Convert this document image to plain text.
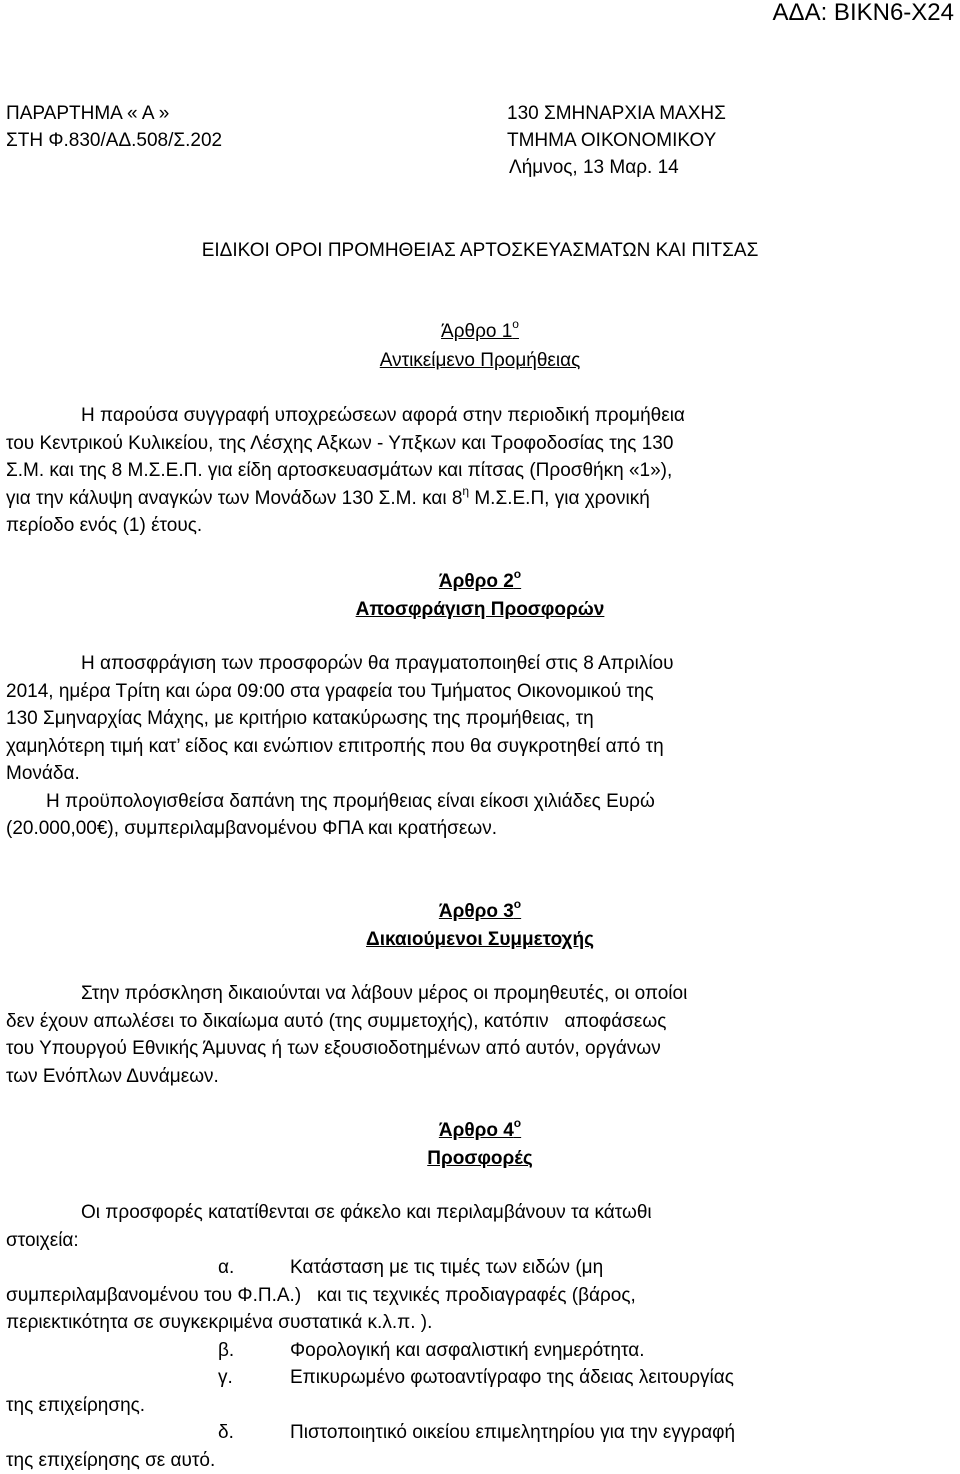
ΑΔΑ: ΒΙΚΝ6-Χ24
ΠΑΡΑΡΤΗΜΑ « Α »
ΣΤΗ Φ.830/ΑΔ.508/Σ.202
130 ΣΜΗΝΑΡΧΙΑ ΜΑΧΗΣ
ΤΜΗΜΑ ΟΙΚΟΝΟΜΙΚΟΥ
Λήμνος, 13 Μαρ. 14
ΕΙΔΙΚΟΙ ΟΡΟΙ ΠΡΟΜΗΘΕΙΑΣ ΑΡΤΟΣΚΕΥΑΣΜΑΤΩΝ ΚΑΙ ΠΙΤΣΑΣ
Άρθρο $1^o$
Αντικείμενο Προμήθειας
Η παρούσα συγγραφή υποχρεώσεων αφορά στην περιοδική προμήθεια
του Κεντρικού Κυλικείου, της Λέσχης Αξκων - Υπξκων και Τροφοδοσίας της 130
Σ.Μ. και της 8 Μ.Σ.Ε.Π. για είδη αρτοσκευασμάτων και πίτσας (Προσθήκη «1»),
για την κάλυψη αναγκών των Μονάδων 130 Σ.Μ. και $8^\eta$ Μ.Σ.Ε.Π, για χρονική
περίοδο ενός (1) έτους.
Άρθρο $2^o$
Αποσφράγιση Προσφορών
Η αποσφράγιση των προσφορών θα πραγματοποιηθεί στις 8 Απριλίου
2014, ημέρα Τρίτη και ώρα 09:00 στα γραφεία του Τμήματος Οικονομικού της
130 Σμηναρχίας Μάχης, με κριτήριο κατακύρωσης της προμήθειας, τη
χαμηλότερη τιμή κατ’ είδος και ενώπιον επιτροπής που θα συγκροτηθεί από τη
Μονάδα.
Η προϋπολογισθείσα δαπάνη της προμήθειας είναι είκοσι χιλιάδες Ευρώ
(20.000,00€), συμπεριλαμβανομένου ΦΠΑ και κρατήσεων.
Άρθρο $3^o$
Δικαιούμενοι Συμμετοχής
Στην πρόσκληση δικαιούνται να λάβουν μέρος οι προμηθευτές, οι οποίοι
δεν έχουν απωλέσει το δικαίωμα αυτό (της συμμετοχής), κατόπιν   αποφάσεως
του Υπουργού Εθνικής Άμυνας ή των εξουσιοδοτημένων από αυτόν, οργάνων
των Ενόπλων Δυνάμεων.
Άρθρο $4^o$
Προσφορές
Οι προσφορές κατατίθενται σε φάκελο και περιλαμβάνουν τα κάτωθι
στοιχεία:
α.	Κατάσταση με τις τιμές των ειδών (μη
συμπεριλαμβανομένου του Φ.Π.Α.)   και τις τεχνικές προδιαγραφές (βάρος,
περιεκτικότητα σε συγκεκριμένα συστατικά κ.λ.π. ).
β.	Φορολογική και ασφαλιστική ενημερότητα.
γ.	Επικυρωμένο φωτοαντίγραφο της άδειας λειτουργίας
της επιχείρησης.
δ.	Πιστοποιητικό οικείου επιμελητηρίου για την εγγραφή
της επιχείρησης σε αυτό.
